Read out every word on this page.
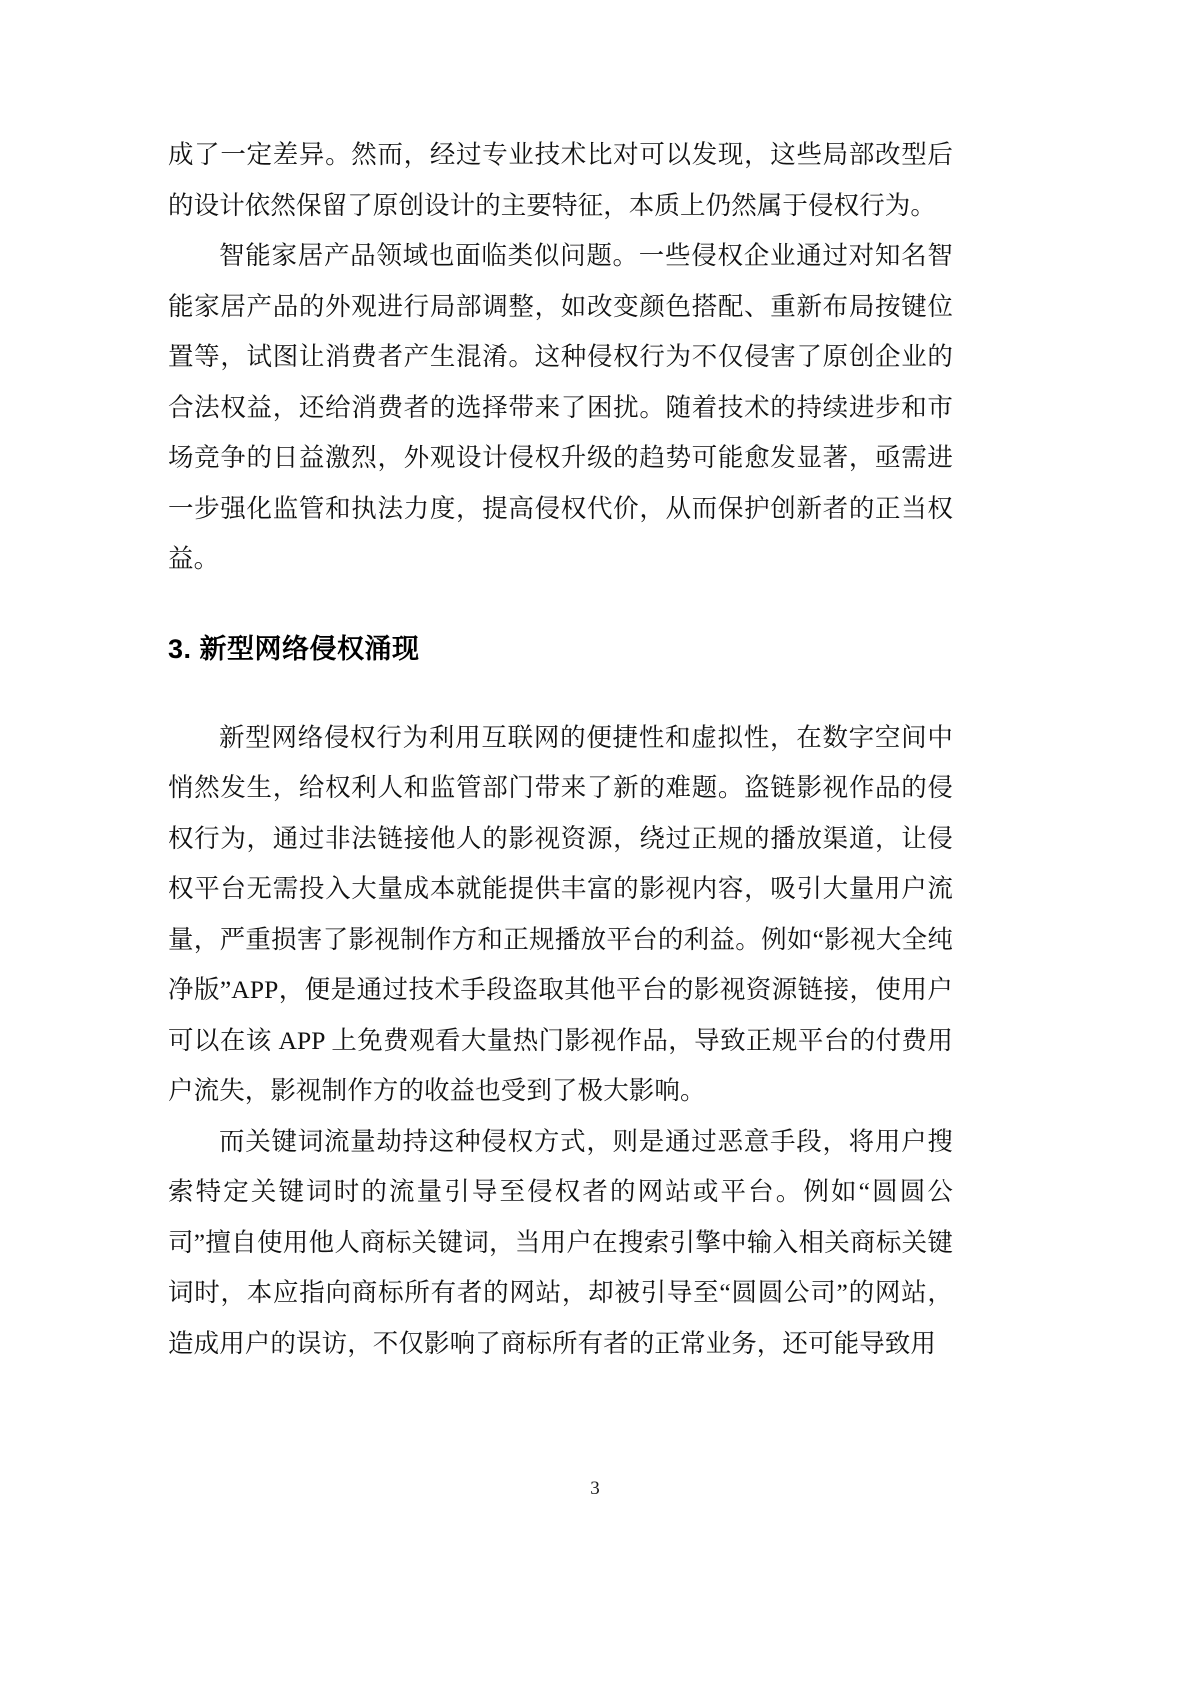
成了一定差异。然而，经过专业技术比对可以发现，这些局部改型后的设计依然保留了原创设计的主要特征，本质上仍然属于侵权行为。

智能家居产品领域也面临类似问题。一些侵权企业通过对知名智能家居产品的外观进行局部调整，如改变颜色搭配、重新布局按键位置等，试图让消费者产生混淆。这种侵权行为不仅侵害了原创企业的合法权益，还给消费者的选择带来了困扰。随着技术的持续进步和市场竞争的日益激烈，外观设计侵权升级的趋势可能愈发显著，亟需进一步强化监管和执法力度，提高侵权代价，从而保护创新者的正当权益。

3. 新型网络侵权涌现

新型网络侵权行为利用互联网的便捷性和虚拟性，在数字空间中悄然发生，给权利人和监管部门带来了新的难题。盗链影视作品的侵权行为，通过非法链接他人的影视资源，绕过正规的播放渠道，让侵权平台无需投入大量成本就能提供丰富的影视内容，吸引大量用户流量，严重损害了影视制作方和正规播放平台的利益。例如“影视大全纯净版”APP，便是通过技术手段盗取其他平台的影视资源链接，使用户可以在该 APP 上免费观看大量热门影视作品，导致正规平台的付费用户流失，影视制作方的收益也受到了极大影响。

而关键词流量劫持这种侵权方式，则是通过恶意手段，将用户搜索特定关键词时的流量引导至侵权者的网站或平台。例如“圆圆公司”擅自使用他人商标关键词，当用户在搜索引擎中输入相关商标关键词时，本应指向商标所有者的网站，却被引导至“圆圆公司”的网站，造成用户的误访，不仅影响了商标所有者的正常业务，还可能导致用

3
